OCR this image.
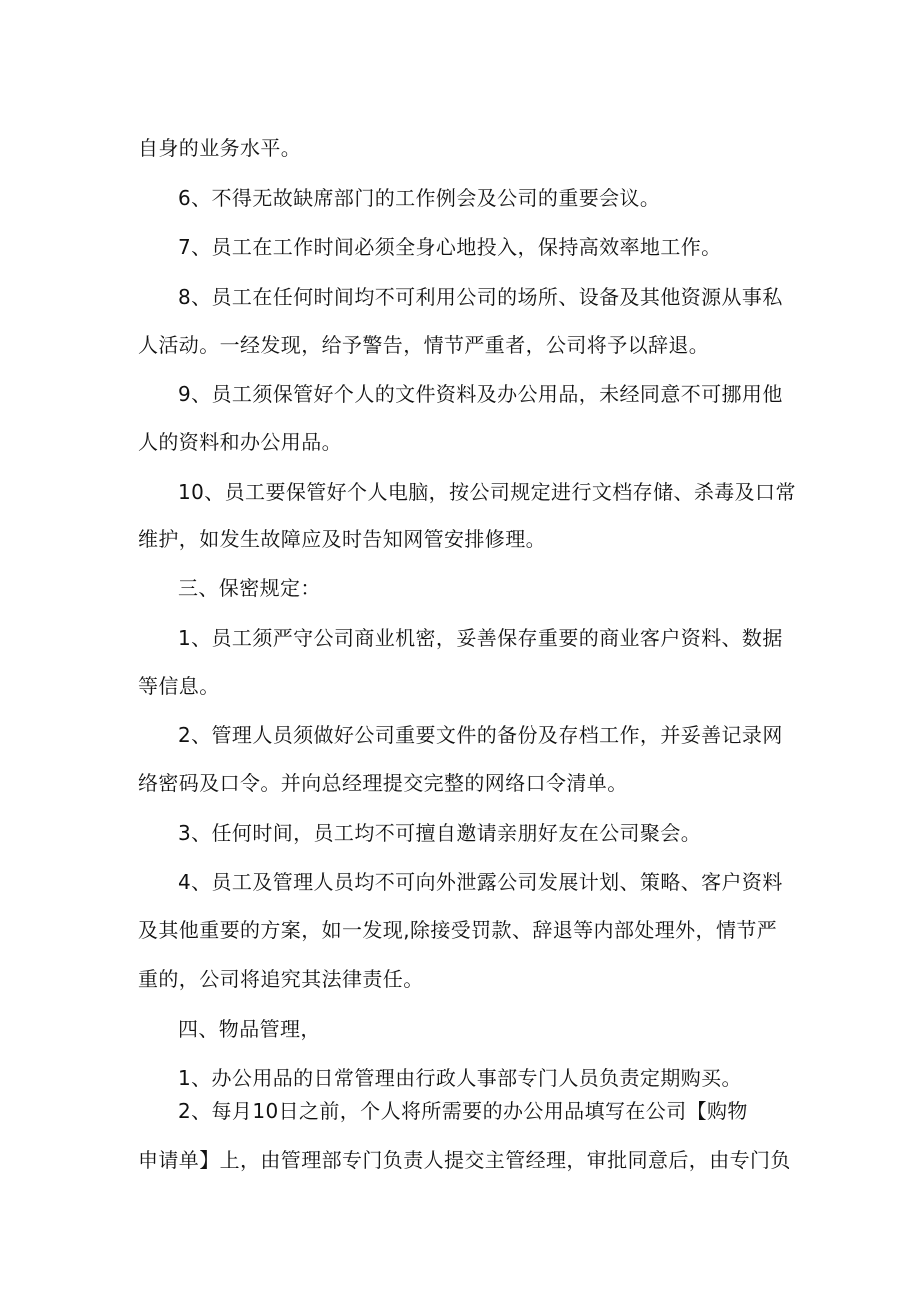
自身的业务水平。
6、不得无故缺席部门的工作例会及公司的重要会议。
7、员工在工作时间必须全身心地投入，保持高效率地工作。
8、员工在任何时间均不可利用公司的场所、设备及其他资源从事私
人活动。一经发现，给予警告，情节严重者，公司将予以辞退。
9、员工须保管好个人的文件资料及办公用品，未经同意不可挪用他
人的资料和办公用品。
10、员工要保管好个人电脑，按公司规定进行文档存储、杀毒及口常
维护，如发生故障应及时告知网管安排修理。
三、保密规定：
1、员工须严守公司商业机密，妥善保存重要的商业客户资料、数据
等信息。
2、管理人员须做好公司重要文件的备份及存档工作，并妥善记录网
络密码及口令。并向总经理提交完整的网络口令清单。
3、任何时间，员工均不可擅自邀请亲朋好友在公司聚会。
4、员工及管理人员均不可向外泄露公司发展计划、策略、客户资料
及其他重要的方案，如一发现,除接受罚款、辞退等内部处理外，情节严
重的，公司将追究其法律责任。
四、物品管理，
1、办公用品的日常管理由行政人事部专门人员负责定期购买。
2、每月10日之前，个人将所需要的办公用品填写在公司【购物
申请单】上，由管理部专门负责人提交主管经理，审批同意后，由专门负
